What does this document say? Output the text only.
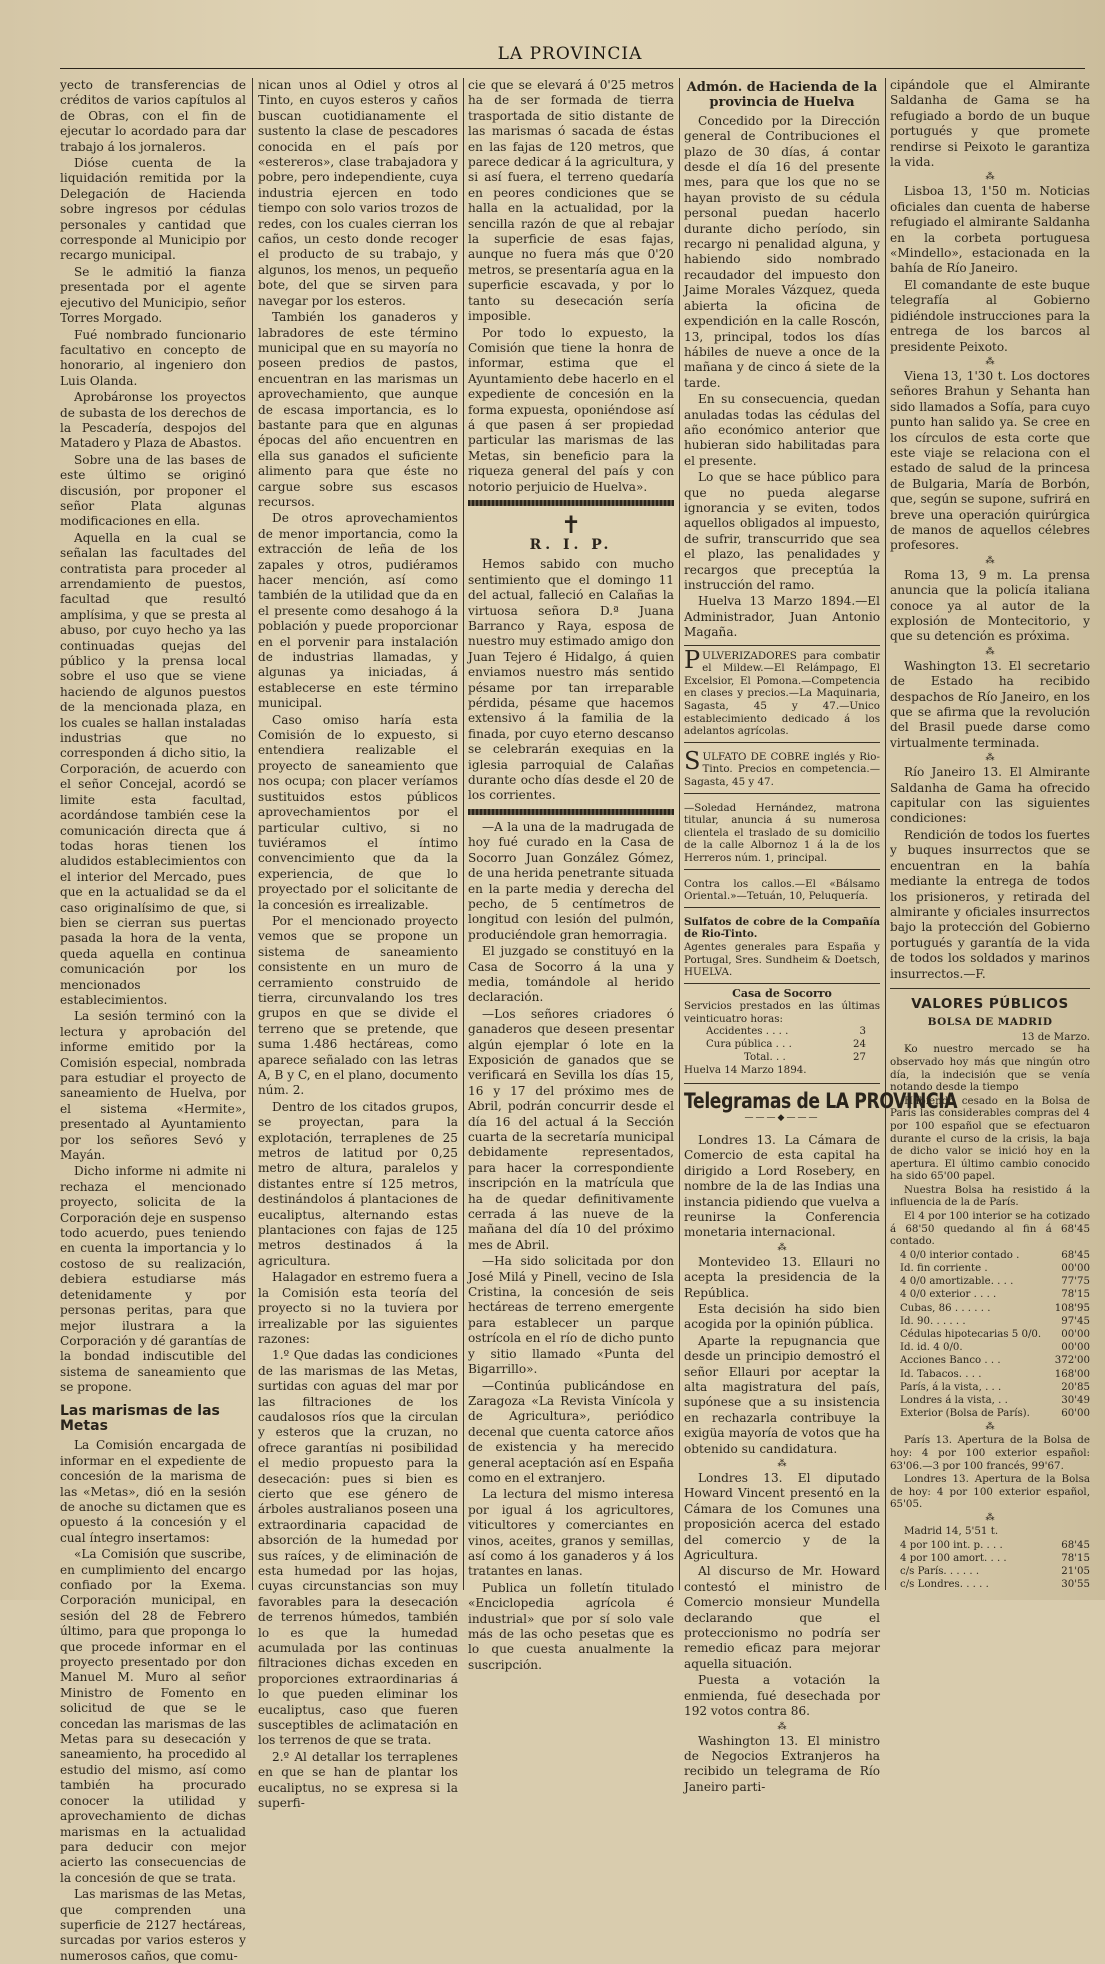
LA PROVINCIA

yecto de transferencias de créditos de varios capítulos al de Obras, con el fin de ejecutar lo acordado para dar trabajo á los jornaleros.

Dióse cuenta de la liquidación remitida por la Delegación de Hacienda sobre ingresos por cédulas personales y cantidad que corresponde al Municipio por recargo municipal.

Se le admitió la fianza presentada por el agente ejecutivo del Municipio, señor Torres Morgado.

Fué nombrado funcionario facultativo en concepto de honorario, al ingeniero don Luis Olanda.

Aprobáronse los proyectos de subasta de los derechos de la Pescadería, despojos del Matadero y Plaza de Abastos.

Sobre una de las bases de este último se originó discusión, por proponer el señor Plata algunas modificaciones en ella.

Aquella en la cual se señalan las facultades del contratista para proceder al arrendamiento de puestos, facultad que resultó amplísima, y que se presta al abuso, por cuyo hecho ya las continuadas quejas del público y la prensa local sobre el uso que se viene haciendo de algunos puestos de la mencionada plaza, en los cuales se hallan instaladas industrias que no corresponden á dicho sitio, la Corporación, de acuerdo con el señor Concejal, acordó se limite esta facultad, acordándose también cese la comunicación directa que á todas horas tienen los aludidos establecimientos con el interior del Mercado, pues que en la actualidad se da el caso originalísimo de que, si bien se cierran sus puertas pasada la hora de la venta, queda aquella en continua comunicación por los mencionados establecimientos.

La sesión terminó con la lectura y aprobación del informe emitido por la Comisión especial, nombrada para estudiar el proyecto de saneamiento de Huelva, por el sistema «Hermite», presentado al Ayuntamiento por los señores Sevó y Mayán.

Dicho informe ni admite ni rechaza el mencionado proyecto, solicita de la Corporación deje en suspenso todo acuerdo, pues teniendo en cuenta la importancia y lo costoso de su realización, debiera estudiarse más detenidamente y por personas peritas, para que mejor ilustrara a la Corporación y dé garantías de la bondad indiscutible del sistema de saneamiento que se propone.

Las marismas de las Metas

La Comisión encargada de informar en el expediente de concesión de la marisma de las «Metas», dió en la sesión de anoche su dictamen que es opuesto á la concesión y el cual íntegro insertamos:

«La Comisión que suscribe, en cumplimiento del encargo confiado por la Exema. Corporación municipal, en sesión del 28 de Febrero último, para que proponga lo que procede informar en el proyecto presentado por don Manuel M. Muro al señor Ministro de Fomento en solicitud de que se le concedan las marismas de las Metas para su desecación y saneamiento, ha procedido al estudio del mismo, así como también ha procurado conocer la utilidad y aprovechamiento de dichas marismas en la actualidad para deducir con mejor acierto las consecuencias de la concesión de que se trata.

Las marismas de las Metas, que comprenden una superficie de 2127 hectáreas, surcadas por varios esteros y numerosos caños, que comu-

nican unos al Odiel y otros al Tinto, en cuyos esteros y caños buscan cuotidianamente el sustento la clase de pescadores conocida en el país por «estereros», clase trabajadora y pobre, pero independiente, cuya industria ejercen en todo tiempo con solo varios trozos de redes, con los cuales cierran los caños, un cesto donde recoger el producto de su trabajo, y algunos, los menos, un pequeño bote, del que se sirven para navegar por los esteros.

También los ganaderos y labradores de este término municipal que en su mayoría no poseen predios de pastos, encuentran en las marismas un aprovechamiento, que aunque de escasa importancia, es lo bastante para que en algunas épocas del año encuentren en ella sus ganados el suficiente alimento para que éste no cargue sobre sus escasos recursos.

De otros aprovechamientos de menor importancia, como la extracción de leña de los zapales y otros, pudiéramos hacer mención, así como también de la utilidad que da en el presente como desahogo á la población y puede proporcionar en el porvenir para instalación de industrias llamadas, y algunas ya iniciadas, á establecerse en este término municipal.

Caso omiso haría esta Comisión de lo expuesto, si entendiera realizable el proyecto de saneamiento que nos ocupa; con placer veríamos sustituidos estos públicos aprovechamientos por el particular cultivo, si no tuviéramos el íntimo convencimiento que da la experiencia, de que lo proyectado por el solicitante de la concesión es irrealizable.

Por el mencionado proyecto vemos que se propone un sistema de saneamiento consistente en un muro de cerramiento construido de tierra, circunvalando los tres grupos en que se divide el terreno que se pretende, que suma 1.486 hectáreas, como aparece señalado con las letras A, B y C, en el plano, documento núm. 2.

Dentro de los citados grupos, se proyectan, para la explotación, terraplenes de 25 metros de latitud por 0,25 metro de altura, paralelos y distantes entre sí 125 metros, destinándolos á plantaciones de eucaliptus, alternando estas plantaciones con fajas de 125 metros destinados á la agricultura.

Halagador en estremo fuera a la Comisión esta teoría del proyecto si no la tuviera por irrealizable por las siguientes razones:

1.º Que dadas las condiciones de las marismas de las Metas, surtidas con aguas del mar por las filtraciones de los caudalosos ríos que la circulan y esteros que la cruzan, no ofrece garantías ni posibilidad el medio propuesto para la desecación: pues si bien es cierto que ese género de árboles australianos poseen una extraordinaria capacidad de absorción de la humedad por sus raíces, y de eliminación de esta humedad por las hojas, cuyas circunstancias son muy favorables para la desecación de terrenos húmedos, también lo es que la humedad acumulada por las continuas filtraciones dichas exceden en proporciones extraordinarias á lo que pueden eliminar los eucaliptus, caso que fueren susceptibles de aclimatación en los terrenos de que se trata.

2.º Al detallar los terraplenes en que se han de plantar los eucaliptus, no se expresa si la superfi-

cie que se elevará á 0'25 metros ha de ser formada de tierra trasportada de sitio distante de las marismas ó sacada de éstas en las fajas de 120 metros, que parece dedicar á la agricultura, y si así fuera, el terreno quedaría en peores condiciones que se halla en la actualidad, por la sencilla razón de que al rebajar la superficie de esas fajas, aunque no fuera más que 0'20 metros, se presentaría agua en la superficie escavada, y por lo tanto su desecación sería imposible.

Por todo lo expuesto, la Comisión que tiene la honra de informar, estima que el Ayuntamiento debe hacerlo en el expediente de concesión en la forma expuesta, oponiéndose así á que pasen á ser propiedad particular las marismas de las Metas, sin beneficio para la riqueza general del país y con notorio perjuicio de Huelva».

✝
R. I. P.

Hemos sabido con mucho sentimiento que el domingo 11 del actual, falleció en Calañas la virtuosa señora D.ª Juana Barranco y Raya, esposa de nuestro muy estimado amigo don Juan Tejero é Hidalgo, á quien enviamos nuestro más sentido pésame por tan irreparable pérdida, pésame que hacemos extensivo á la familia de la finada, por cuyo eterno descanso se celebrarán exequias en la iglesia parroquial de Calañas durante ocho días desde el 20 de los corrientes.

—A la una de la madrugada de hoy fué curado en la Casa de Socorro Juan González Gómez, de una herida penetrante situada en la parte media y derecha del pecho, de 5 centímetros de longitud con lesión del pulmón, produciéndole gran hemorragia.

El juzgado se constituyó en la Casa de Socorro á la una y media, tomándole al herido declaración.

—Los señores criadores ó ganaderos que deseen presentar algún ejemplar ó lote en la Exposición de ganados que se verificará en Sevilla los días 15, 16 y 17 del próximo mes de Abril, podrán concurrir desde el día 16 del actual á la Sección cuarta de la secretaría municipal debidamente representados, para hacer la correspondiente inscripción en la matrícula que ha de quedar definitivamente cerrada á las nueve de la mañana del día 10 del próximo mes de Abril.

—Ha sido solicitada por don José Milá y Pinell, vecino de Isla Cristina, la concesión de seis hectáreas de terreno emergente para establecer un parque ostrícola en el río de dicho punto y sitio llamado «Punta del Bigarrillo».

—Continúa publicándose en Zaragoza «La Revista Vinícola y de Agricultura», periódico decenal que cuenta catorce años de existencia y ha merecido general aceptación así en España como en el extranjero.

La lectura del mismo interesa por igual á los agricultores, viticultores y comerciantes en vinos, aceites, granos y semillas, así como á los ganaderos y á los tratantes en lanas.

Publica un folletín titulado «Enciclopedia agrícola é industrial» que por sí solo vale más de las ocho pesetas que es lo que cuesta anualmente la suscripción.

Admón. de Hacienda de la provincia de Huelva

Concedido por la Dirección general de Contribuciones el plazo de 30 días, á contar desde el día 16 del presente mes, para que los que no se hayan provisto de su cédula personal puedan hacerlo durante dicho período, sin recargo ni penalidad alguna, y habiendo sido nombrado recaudador del impuesto don Jaime Morales Vázquez, queda abierta la oficina de expendición en la calle Roscón, 13, principal, todos los días hábiles de nueve a once de la mañana y de cinco á siete de la tarde.

En su consecuencia, quedan anuladas todas las cédulas del año económico anterior que hubieran sido habilitadas para el presente.

Lo que se hace público para que no pueda alegarse ignorancia y se eviten, todos aquellos obligados al impuesto, de sufrir, transcurrido que sea el plazo, las penalidades y recargos que preceptúa la instrucción del ramo.

Huelva 13 Marzo 1894.—El Administrador, Juan Antonio Magaña.

PULVERIZADORES para combatir el Mildew.—El Relámpago, El Excelsior, El Pomona.—Competencia en clases y precios.—La Maquinaria, Sagasta, 45 y 47.—Unico establecimiento dedicado á los adelantos agrícolas.
SULFATO DE COBRE inglés y Rio-Tinto. Precios en competencia.—Sagasta, 45 y 47.
—Soledad Hernández, matrona titular, anuncia á su numerosa clientela el traslado de su domicilio de la calle Albornoz 1 á la de los Herreros núm. 1, principal.
Contra los callos.—El «Bálsamo Oriental.»—Tetuán, 10, Peluquería.
Sulfatos de cobre de la Compañía de Rio-Tinto.
Agentes generales para España y Portugal, Sres. Sundheim & Doetsch, HUELVA.
Casa de Socorro
Servicios prestados en las últimas veinticuatro horas:
Accidentes . . . .	3
Cura pública . . .	24
Total. . .	27
Huelva 14 Marzo 1894.
Telegramas de LA PROVINCIA
———◆———

Londres 13. La Cámara de Comercio de esta capital ha dirigido a Lord Rosebery, en nombre de la de las Indias una instancia pidiendo que vuelva a reunirse la Conferencia monetaria internacional.

⁂

Montevideo 13. Ellauri no acepta la presidencia de la República.

Esta decisión ha sido bien acogida por la opinión pública.

Aparte la repugnancia que desde un principio demostró el señor Ellauri por aceptar la alta magistratura del país, supónese que a su insistencia en rechazarla contribuye la exigüa mayoría de votos que ha obtenido su candidatura.

⁂

Londres 13. El diputado Howard Vincent presentó en la Cámara de los Comunes una proposición acerca del estado del comercio y de la Agricultura.

Al discurso de Mr. Howard contestó el ministro de Comercio monsieur Mundella declarando que el proteccionismo no podría ser remedio eficaz para mejorar aquella situación.

Puesta a votación la enmienda, fué desechada por 192 votos contra 86.

⁂

Washington 13. El ministro de Negocios Extranjeros ha recibido un telegrama de Río Janeiro parti-

cipándole que el Almirante Saldanha de Gama se ha refugiado a bordo de un buque portugués y que promete rendirse si Peixoto le garantiza la vida.

⁂

Lisboa 13, 1'50 m. Noticias oficiales dan cuenta de haberse refugiado el almirante Saldanha en la corbeta portuguesa «Mindello», estacionada en la bahía de Río Janeiro.

El comandante de este buque telegrafía al Gobierno pidiéndole instrucciones para la entrega de los barcos al presidente Peixoto.

⁂

Viena 13, 1'30 t. Los doctores señores Brahun y Sehanta han sido llamados a Sofía, para cuyo punto han salido ya. Se cree en los círculos de esta corte que este viaje se relaciona con el estado de salud de la princesa de Bulgaria, María de Borbón, que, según se supone, sufrirá en breve una operación quirúrgica de manos de aquellos célebres profesores.

⁂

Roma 13, 9 m. La prensa anuncia que la policía italiana conoce ya al autor de la explosión de Montecitorio, y que su detención es próxima.

⁂

Washington 13. El secretario de Estado ha recibido despachos de Río Janeiro, en los que se afirma que la revolución del Brasil puede darse como virtualmente terminada.

⁂

Río Janeiro 13. El Almirante Saldanha de Gama ha ofrecido capitular con las siguientes condiciones:

Rendición de todos los fuertes y buques insurrectos que se encuentran en la bahía mediante la entrega de todos los prisioneros, y retirada del almirante y oficiales insurrectos bajo la protección del Gobierno portugués y garantía de la vida de todos los soldados y marinos insurrectos.—F.

VALORES PÚBLICOS
BOLSA DE MADRID
13 de Marzo.

Ko nuestro mercado se ha observado hoy más que ningún otro día, la indecisión que se venía notando desde la tiempo

Habiendo cesado en la Bolsa de París las considerables compras del 4 por 100 español que se efectuaron durante el curso de la crisis, la baja de dicho valor se inició hoy en la apertura. El último cambio conocido ha sido 65'00 papel.

Nuestra Bolsa ha resistido á la influencia de la de París.

El 4 por 100 interior se ha cotizado á 68'50 quedando al fin á 68'45 contado.

4 0/0 interior contado .	68'45
Id. fin corriente .	00'00
4 0/0 amortizable. . . .	77'75
4 0/0 exterior . . . .	78'15
Cubas, 86 . . . . . .	108'95
Id. 90. . . . . .	97'45
Cédulas hipotecarias 5 0/0.	00'00
Id. id. 4 0/0.	00'00
Acciones Banco . . .	372'00
Id. Tabacos. . . .	168'00
París, á la vista, . . .	20'85
Londres á la vista, . .	30'49
Exterior (Bolsa de París).	60'00
⁂

París 13. Apertura de la Bolsa de hoy: 4 por 100 exterior español: 63'06.—3 por 100 francés, 99'67.

Londres 13. Apertura de la Bolsa de hoy: 4 por 100 exterior español, 65'05.

⁂

Madrid 14, 5'51 t.

4 por 100 int. p. . . .	68'45
4 por 100 amort. . . .	78'15
c/s París. . . . . .	21'05
c/s Londres. . . . .	30'55
